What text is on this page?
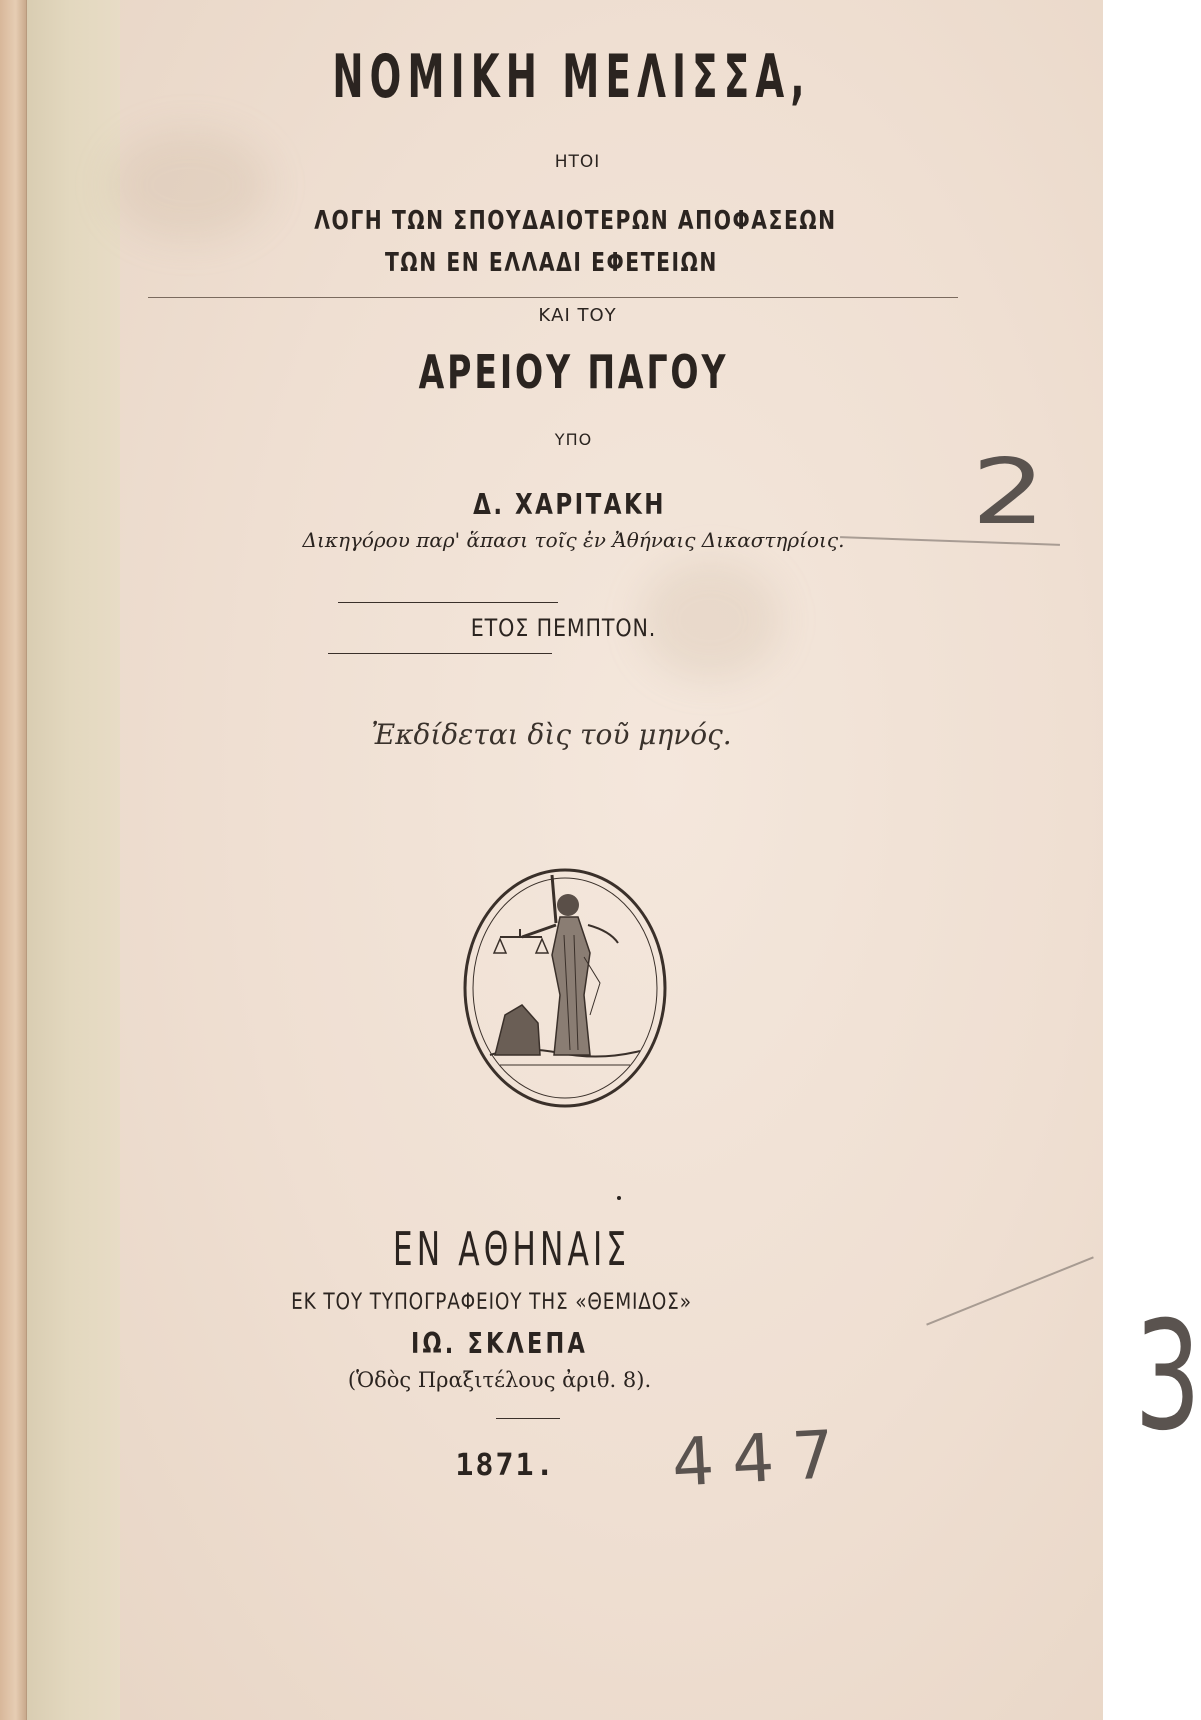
ΝΟΜΙΚΗ ΜΕΛΙΣΣΑ,
ΗΤΟΙ
ΛΟΓΗ ΤΩΝ ΣΠΟΥΔΑΙΟΤΕΡΩΝ ΑΠΟΦΑΣΕΩΝ
ΤΩΝ ΕΝ ΕΛΛΑΔΙ ΕΦΕΤΕΙΩΝ
ΚΑΙ ΤΟΥ
ΑΡΕΙΟΥ ΠΑΓΟΥ
ΥΠΟ
Δ. ΧΑΡΙΤΑΚΗ
Δικηγόρου παρ' ἅπασι τοῖς ἐν Ἀθήναις Δικαστηρίοις.
ΕΤΟΣ ΠΕΜΠΤΟΝ.
Ἐκδίδεται δὶς τοῦ μηνός.
ΕΝ ΑΘΗΝΑΙΣ
ΕΚ ΤΟΥ ΤΥΠΟΓΡΑΦΕΙΟΥ ΤΗΣ «ΘΕΜΙΔΟΣ»
ΙΩ. ΣΚΛΕΠΑ
(Ὁδὸς Πραξιτέλους ἀριθ. 8).
1871.
2
447 3
